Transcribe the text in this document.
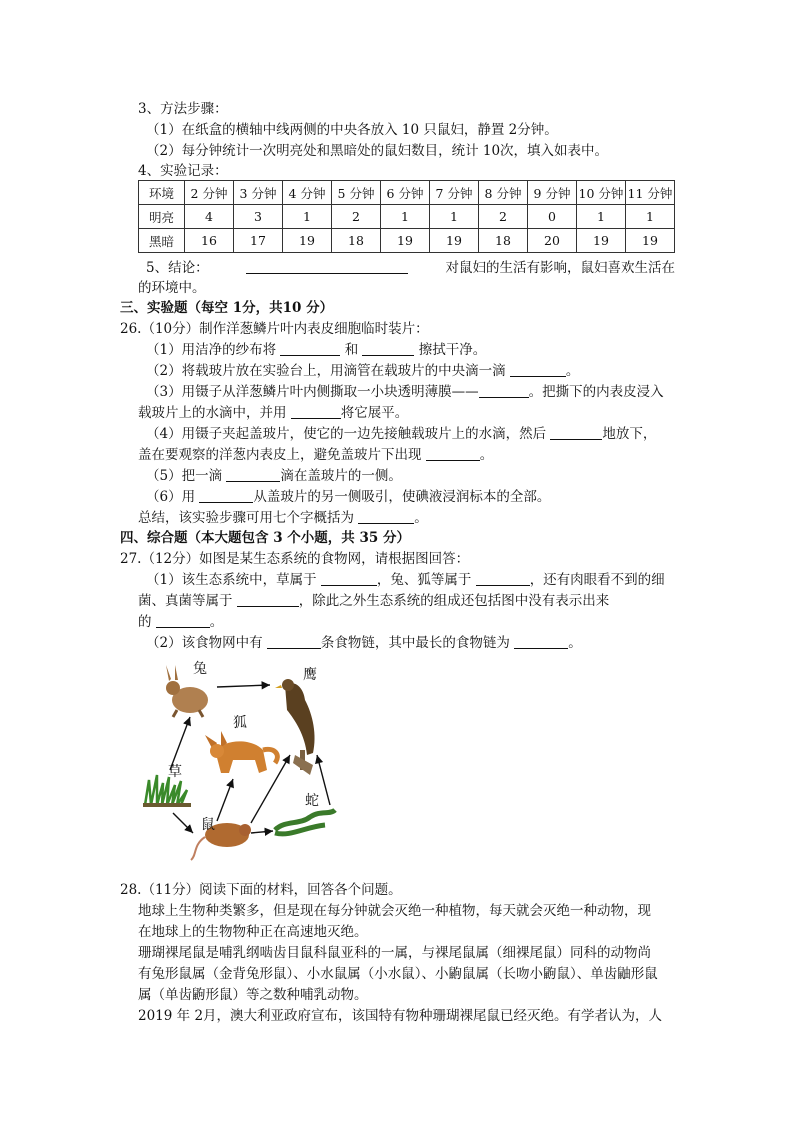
3、方法步骤：
（1）在纸盒的横轴中线两侧的中央各放入 10 只鼠妇，静置 2分钟。
（2）每分钟统计一次明亮处和黑暗处的鼠妇数目，统计 10次，填入如表中。
4、实验记录：
环境	2 分钟	3 分钟	4 分钟	5 分钟	6 分钟	7 分钟	8 分钟	9 分钟	10 分钟	11 分钟
明亮	4	3	1	2	1	1	2	0	1	1
黑暗	16	17	19	18	19	19	18	20	19	19
5、结论：	对鼠妇的生活有影响，鼠妇喜欢生活在
的环境中。
三、实验题（每空 1分，共10 分）
26.（10分）制作洋葱鳞片叶内表皮细胞临时装片：
（1）用洁净的纱布将	和	擦拭干净。
（2）将载玻片放在实验台上，用滴管在载玻片的中央滴一滴	。
（3）用镊子从洋葱鳞片叶内侧撕取一小块透明薄膜——	。把撕下的内表皮浸入
载玻片上的水滴中，并用	将它展平。
（4）用镊子夹起盖玻片，使它的一边先接触载玻片上的水滴，然后	地放下，
盖在要观察的洋葱内表皮上，避免盖玻片下出现	。
（5）把一滴	滴在盖玻片的一侧。
（6）用	从盖玻片的另一侧吸引，使碘液浸润标本的全部。
总结，该实验步骤可用七个字概括为	。
四、综合题（本大题包含 3 个小题，共 35 分）
27.（12分）如图是某生态系统的食物网，请根据图回答：
（1）该生态系统中，草属于	，兔、狐等属于	，还有肉眼看不到的细
菌、真菌等属于	，除此之外生态系统的组成还包括图中没有表示出来
的	。
（2）该食物网中有	条食物链，其中最长的食物链为	。
兔	鹰
狐
草
鼠
蛇
28.（11分）阅读下面的材料，回答各个问题。
地球上生物种类繁多，但是现在每分钟就会灭绝一种植物，每天就会灭绝一种动物，现
在地球上的生物物种正在高速地灭绝。
珊瑚裸尾鼠是哺乳纲啮齿目鼠科鼠亚科的一属，与裸尾鼠属（细裸尾鼠）同科的动物尚
有兔形鼠属（金背兔形鼠）、小水鼠属（小水鼠）、小鼩鼠属（长吻小鼩鼠）、单齿鼬形鼠
属（单齿鼩形鼠）等之数种哺乳动物。
2019 年 2月，澳大利亚政府宣布，该国特有物种珊瑚裸尾鼠已经灭绝。有学者认为，人
